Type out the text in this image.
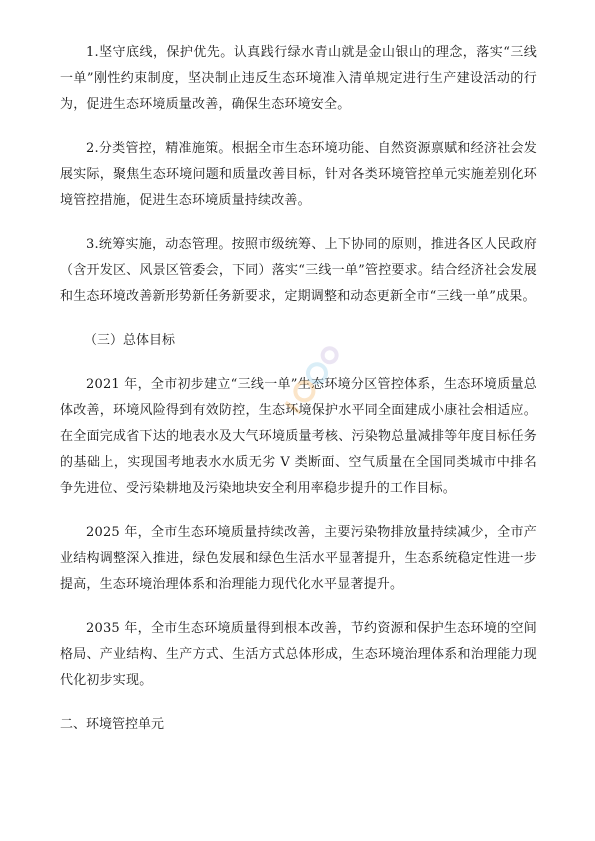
1.坚守底线，保护优先。认真践行绿水青山就是金山银山的理念，落实“三线一单”刚性约束制度，坚决制止违反生态环境准入清单规定进行生产建设活动的行为，促进生态环境质量改善，确保生态环境安全。

2.分类管控，精准施策。根据全市生态环境功能、自然资源禀赋和经济社会发展实际，聚焦生态环境问题和质量改善目标，针对各类环境管控单元实施差别化环境管控措施，促进生态环境质量持续改善。

3.统筹实施，动态管理。按照市级统筹、上下协同的原则，推进各区人民政府（含开发区、风景区管委会，下同）落实“三线一单”管控要求。结合经济社会发展和生态环境改善新形势新任务新要求，定期调整和动态更新全市“三线一单”成果。

（三）总体目标

2021 年，全市初步建立“三线一单”生态环境分区管控体系，生态环境质量总体改善，环境风险得到有效防控，生态环境保护水平同全面建成小康社会相适应。在全面完成省下达的地表水及大气环境质量考核、污染物总量减排等年度目标任务的基础上，实现国考地表水水质无劣 V 类断面、空气质量在全国同类城市中排名争先进位、受污染耕地及污染地块安全利用率稳步提升的工作目标。

2025 年，全市生态环境质量持续改善，主要污染物排放量持续减少，全市产业结构调整深入推进，绿色发展和绿色生活水平显著提升，生态系统稳定性进一步提高，生态环境治理体系和治理能力现代化水平显著提升。

2035 年，全市生态环境质量得到根本改善，节约资源和保护生态环境的空间格局、产业结构、生产方式、生活方式总体形成，生态环境治理体系和治理能力现代化初步实现。

二、环境管控单元
